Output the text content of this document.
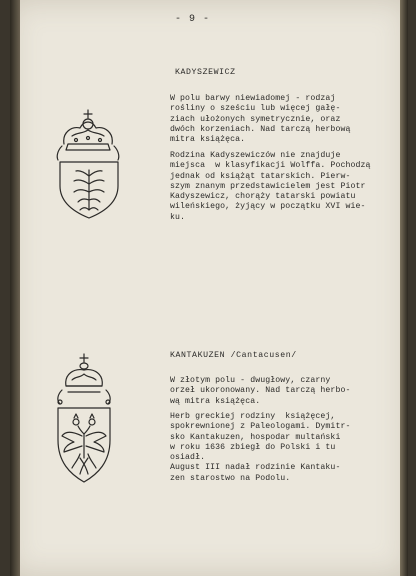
- 9 -
KADYSZEWICZ
W polu barwy niewiadomej - rodzaj
rośliny o sześciu lub więcej gałę-
ziach ułożonych symetrycznie, oraz
dwóch korzeniach. Nad tarczą herbową
mitra książęca.
Rodzina Kadyszewiczów nie znajduje
miejsca  w klasyfikacji Wolffa. Pochodzą
jednak od książąt tatarskich. Pierw-
szym znanym przedstawicielem jest Piotr
Kadyszewicz, chorąży tatarski powiatu
wileńskiego, żyjący w początku XVI wie-
ku.
KANTAKUZEN /Cantacusen/
W złotym polu - dwugłowy, czarny
orzeł ukoronowany. Nad tarczą herbo-
wą mitra książęca.
Herb greckiej rodziny  książęcej,
spokrewnionej z Paleologami. Dymitr-
sko Kantakuzen, hospodar multański
w roku 1636 zbiegł do Polski i tu
osiadł.
August III nadał rodzinie Kantaku-
zen starostwo na Podolu.
